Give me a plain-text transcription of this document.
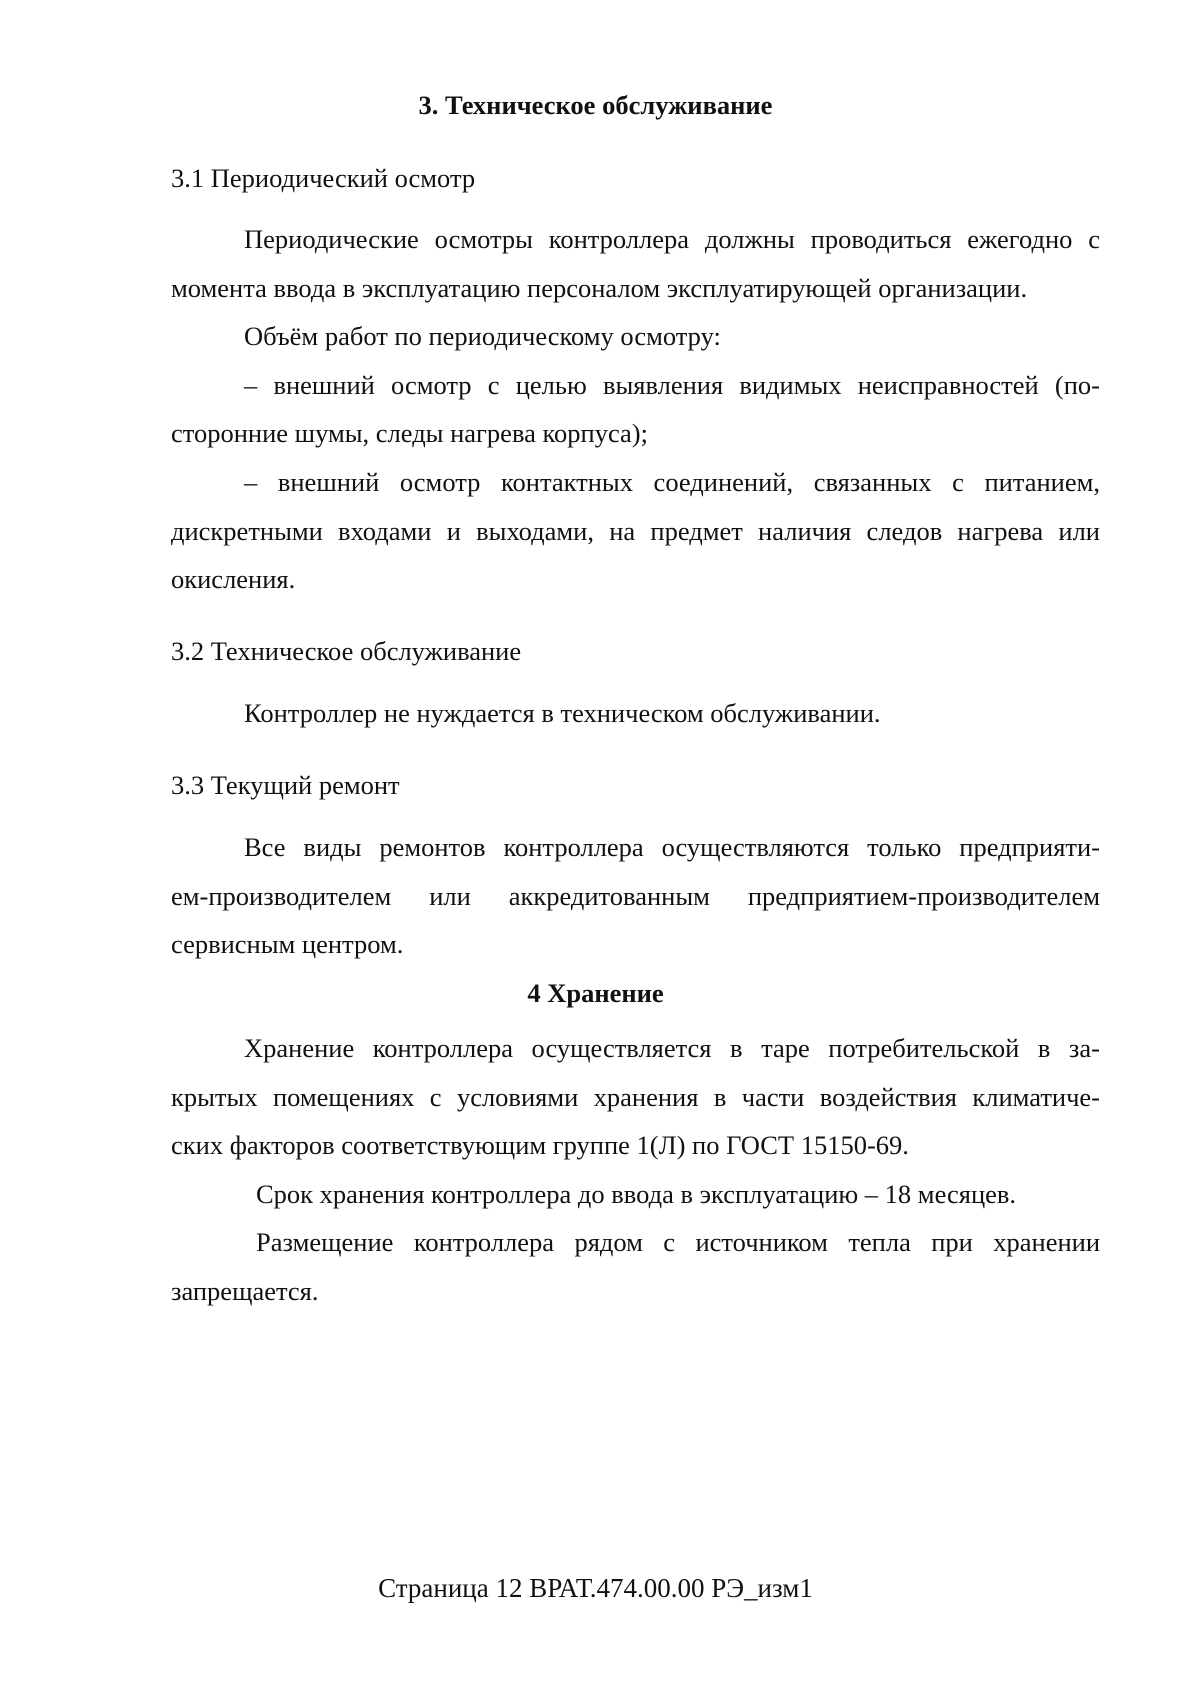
3. Техническое обслуживание
3.1 Периодический осмотр
Периодические осмотры контроллера должны проводиться ежегодно с
момента ввода в эксплуатацию персоналом эксплуатирующей организации.
Объём работ по периодическому осмотру:
– внешний осмотр с целью выявления видимых неисправностей (по-
сторонние шумы, следы нагрева корпуса);
– внешний осмотр контактных соединений, связанных с питанием,
дискретными входами и выходами, на предмет наличия следов нагрева или
окисления.
3.2 Техническое обслуживание
Контроллер не нуждается в техническом обслуживании.
3.3 Текущий ремонт
Все виды ремонтов контроллера осуществляются только предприяти-
ем-производителем или аккредитованным предприятием-производителем
сервисным центром.
4 Хранение
Хранение контроллера осуществляется в таре потребительской в за-
крытых помещениях с условиями хранения в части воздействия климатиче-
ских факторов соответствующим группе 1(Л) по ГОСТ 15150-69.
Срок хранения контроллера до ввода в эксплуатацию – 18 месяцев.
Размещение контроллера рядом с источником тепла при хранении
запрещается.
Страница 12 ВРАТ.474.00.00 РЭ_изм1
